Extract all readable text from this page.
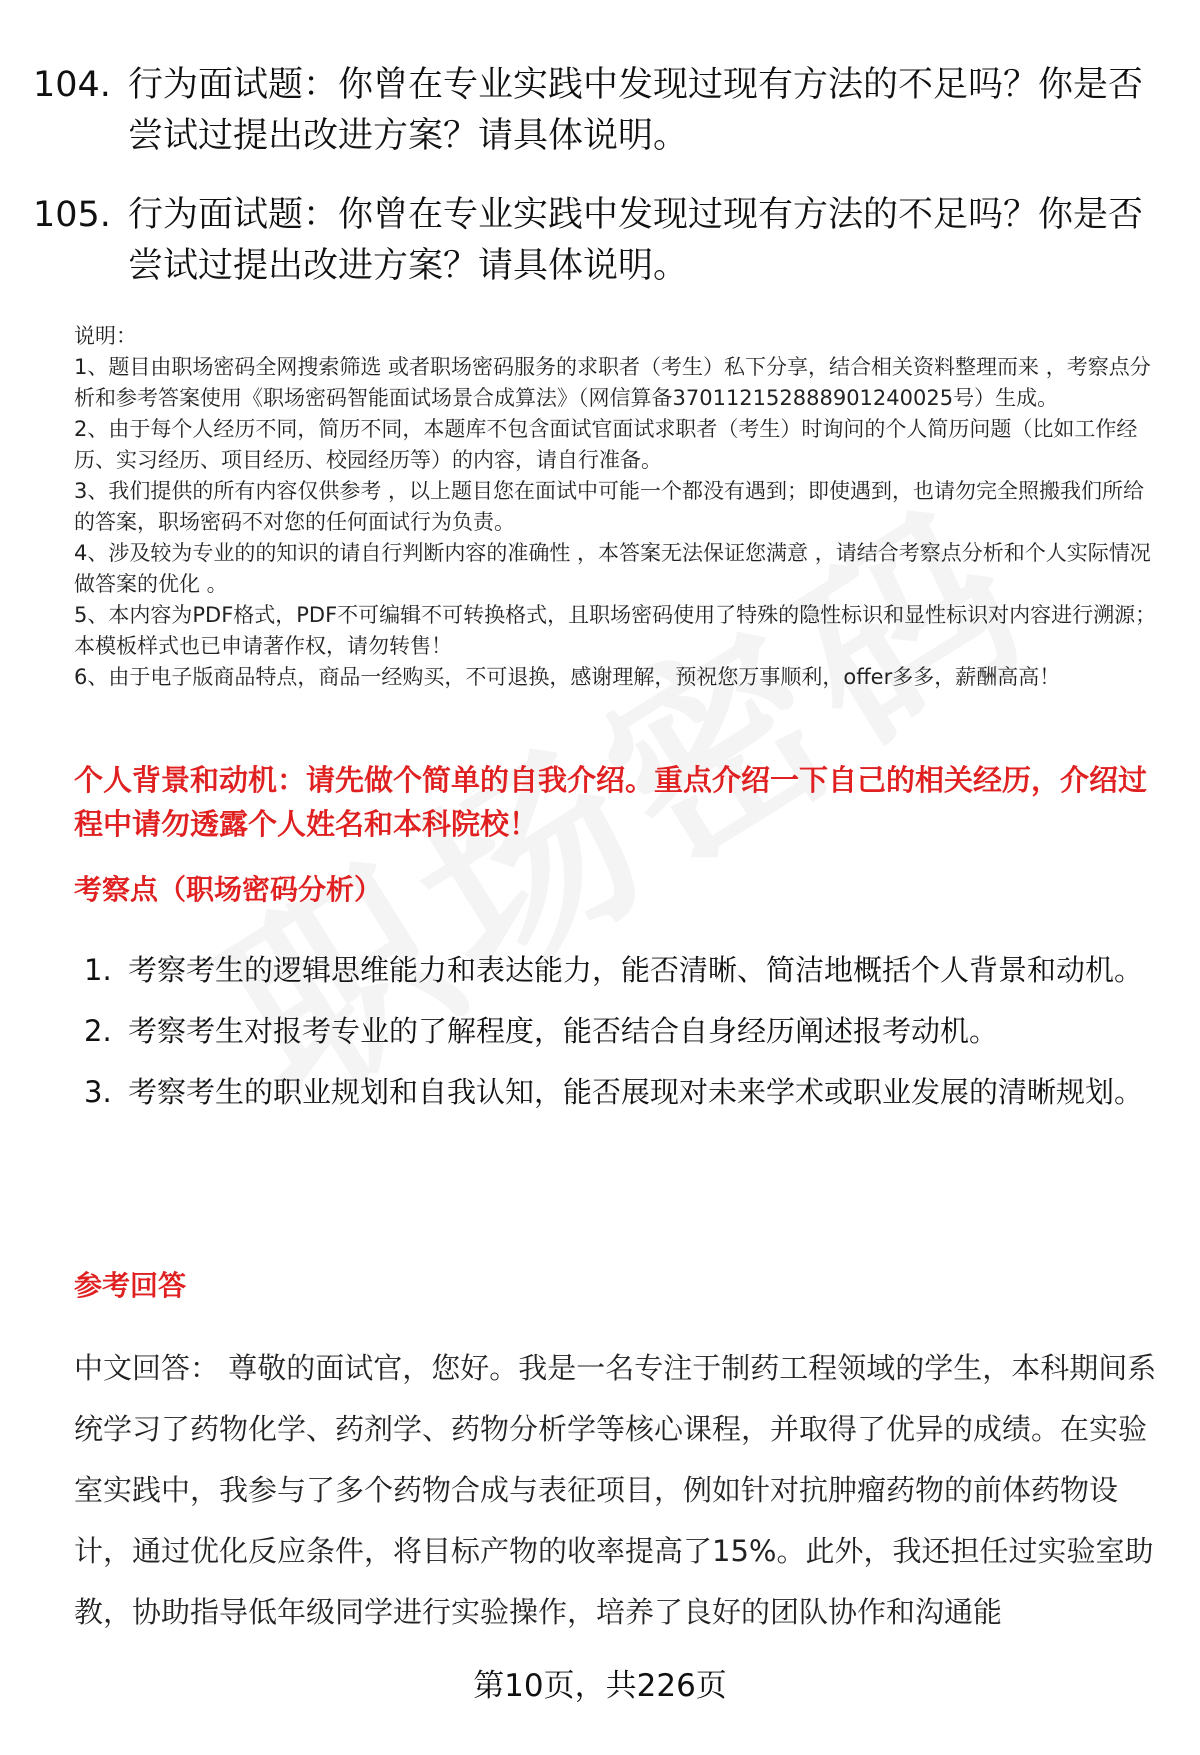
104. 行为面试题：你曾在专业实践中发现过现有方法的不足吗？你是否尝试过提出改进方案？请具体说明。
105. 行为面试题：你曾在专业实践中发现过现有方法的不足吗？你是否尝试过提出改进方案？请具体说明。
说明：
1、题目由职场密码全网搜索筛选 或者职场密码服务的求职者（考生）私下分享，结合相关资料整理而来 ，考察点分析和参考答案使用《职场密码智能面试场景合成算法》（网信算备370112152888901240025号）生成。
2、由于每个人经历不同，简历不同，本题库不包含面试官面试求职者（考生）时询问的个人简历问题（比如工作经历、实习经历、项目经历、校园经历等）的内容，请自行准备。
3、我们提供的所有内容仅供参考 ，以上题目您在面试中可能一个都没有遇到；即使遇到，也请勿完全照搬我们所给的答案，职场密码不对您的任何面试行为负责。
4、涉及较为专业的的知识的请自行判断内容的准确性 ，本答案无法保证您满意 ，请结合考察点分析和个人实际情况做答案的优化 。
5、本内容为PDF格式，PDF不可编辑不可转换格式，且职场密码使用了特殊的隐性标识和显性标识对内容进行溯源；本模板样式也已申请著作权，请勿转售！
6、由于电子版商品特点，商品一经购买，不可退换，感谢理解，预祝您万事顺利，offer多多，薪酬高高！
个人背景和动机：请先做个简单的自我介绍。重点介绍一下自己的相关经历，介绍过程中请勿透露个人姓名和本科院校！
考察点（职场密码分析）
1. 考察考生的逻辑思维能力和表达能力，能否清晰、简洁地概括个人背景和动机。
2. 考察考生对报考专业的了解程度，能否结合自身经历阐述报考动机。
3. 考察考生的职业规划和自我认知，能否展现对未来学术或职业发展的清晰规划。
参考回答
中文回答： 尊敬的面试官，您好。我是一名专注于制药工程领域的学生，本科期间系统学习了药物化学、药剂学、药物分析学等核心课程，并取得了优异的成绩。在实验室实践中，我参与了多个药物合成与表征项目，例如针对抗肿瘤药物的前体药物设计，通过优化反应条件，将目标产物的收率提高了15%。此外，我还担任过实验室助教，协助指导低年级同学进行实验操作，培养了良好的团队协作和沟通能
第10页，共226页
